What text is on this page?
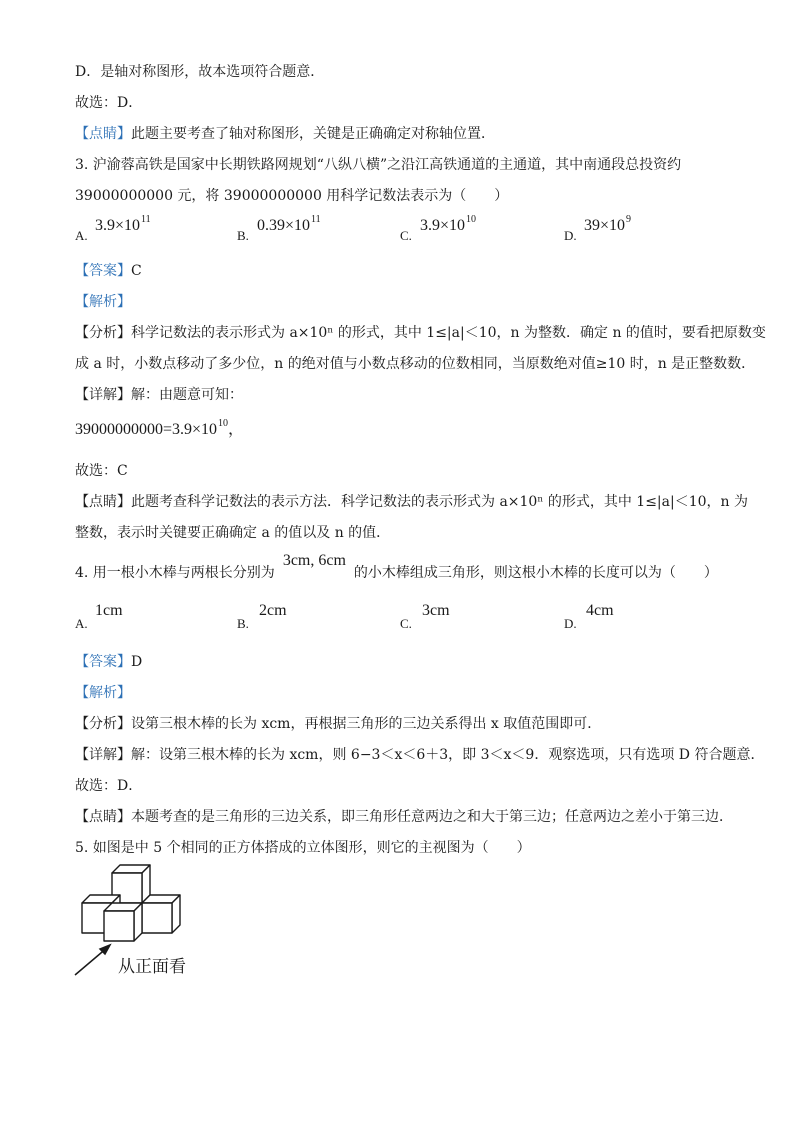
D．是轴对称图形，故本选项符合题意．
故选：D．
【点睛】此题主要考查了轴对称图形，关键是正确确定对称轴位置．
3. 沪渝蓉高铁是国家中长期铁路网规划“八纵八横”之沿江高铁通道的主通道，其中南通段总投资约
39000000000 元，将 39000000000 用科学记数法表示为（　　）
A.
$3.9\times 10^{11}$
B.
$0.39\times 10^{11}$
C.
$3.9\times 10^{10}$
D.
$39\times 10^9$
【答案】C
【解析】
【分析】科学记数法的表示形式为 a×10ⁿ 的形式，其中 1≤|a|＜10，n 为整数．确定 n 的值时，要看把原数变
成 a 时，小数点移动了多少位，n 的绝对值与小数点移动的位数相同，当原数绝对值≥10 时，n 是正整数数．
【详解】解：由题意可知：
$39000000000=3.9\times 10^{10}$，
故选：C
【点睛】此题考查科学记数法的表示方法．科学记数法的表示形式为 a×10ⁿ 的形式，其中 1≤|a|＜10，n 为
整数，表示时关键要正确确定 a 的值以及 n 的值．
4. 用一根小木棒与两根长分别为3cm, 6cm的小木棒组成三角形，则这根小木棒的长度可以为（　　）
A.
1cm
B.
2cm
C.
3cm
D.
4cm
【答案】D
【解析】
【分析】设第三根木棒的长为 xcm，再根据三角形的三边关系得出 x 取值范围即可．
【详解】解：设第三根木棒的长为 xcm，则 6−3＜x＜6＋3，即 3＜x＜9．观察选项，只有选项 D 符合题意．
故选：D．
【点睛】本题考查的是三角形的三边关系，即三角形任意两边之和大于第三边；任意两边之差小于第三边．
5. 如图是中 5 个相同的正方体搭成的立体图形，则它的主视图为（　　）
从正面看
